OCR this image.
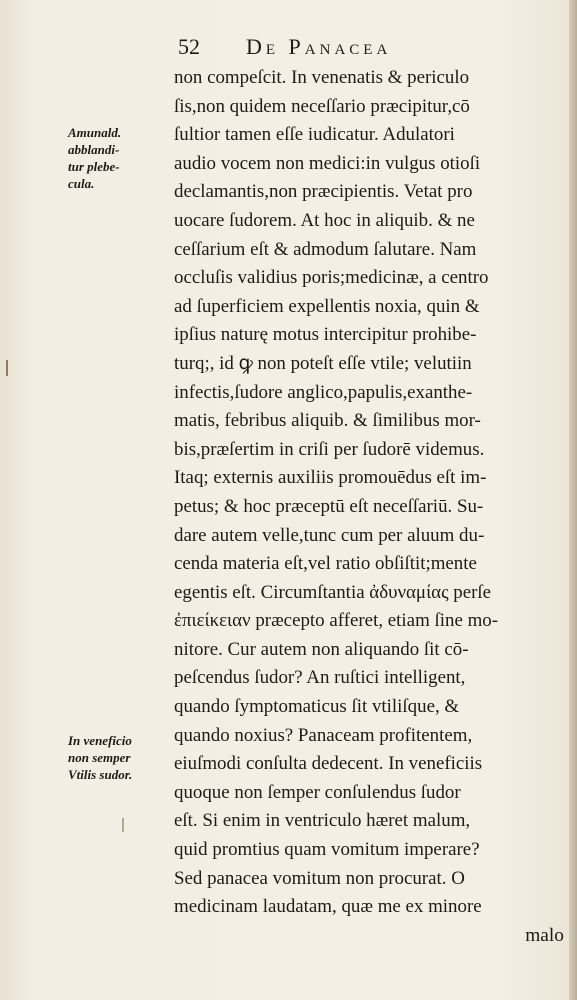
52 De Panacea
Amunald.
abblandi-
tur plebe-
cula.
In veneficio
non semper
Vtilis sudor.
non compeſcit. In venenatis & periculo
ſis,non quidem neceſſario præcipitur,cō
ſultior tamen eſſe iudicatur. Adulatori
audio vocem non medici:in vulgus otioſi
declamantis,non præcipientis. Vetat pro
uocare ſudorem. At hoc in aliquib. & ne
ceſſarium eſt & admodum ſalutare. Nam
occluſis validius poris;medicinæ, a centro
ad ſuperficiem expellentis noxia, quin &
ipſius naturę motus intercipitur prohibe-
turq;, id ꝙ non poteſt eſſe vtile; velutiin
infectis,ſudore anglico,papulis,exanthe-
matis, febribus aliquib. & ſimilibus mor-
bis,præſertim in criſi per ſudorē videmus.
Itaq; externis auxiliis promouēdus eſt im-
petus; & hoc præceptū eſt neceſſariū. Su-
dare autem velle,tunc cum per aluum du-
cenda materia eſt,vel ratio obſiſtit;mente
egentis eſt. Circumſtantia ἀδυναμίας perſe
ἐπιείκειαν præcepto afferet, etiam ſine mo-
nitore. Cur autem non aliquando ſit cō-
peſcendus ſudor? An ruſtici intelligent,
quando ſymptomaticus ſit vtiliſque, &
quando noxius? Panaceam profitentem,
eiuſmodi conſulta dedecent. In veneficiis
quoque non ſemper conſulendus ſudor
eſt. Si enim in ventriculo hæret malum,
quid promtius quam vomitum imperare?
Sed panacea vomitum non procurat. O
medicinam laudatam, quæ me ex minore
malo
